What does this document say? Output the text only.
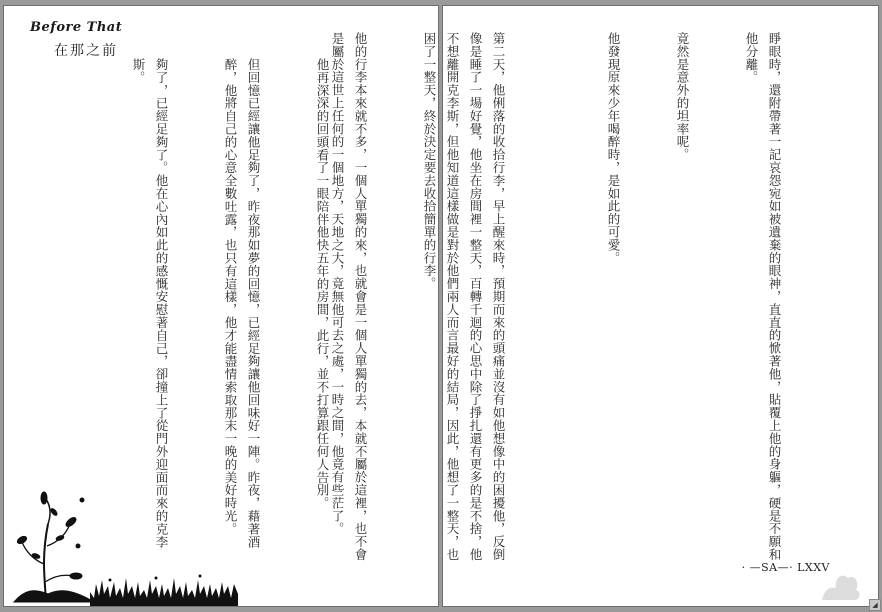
Before That
在那之前

他再深深的回頭看了一眼陪伴他快五年的房間，此行，並不打算跟任何人告別。

但回憶已經讓他足夠了，昨夜那如夢的回憶，已經足夠讓他回味好一陣。昨夜，藉著酒醉，他將自己的心意全數吐露，也只有這樣，他才能盡情索取那末一晚的美好時光。

夠了，已經足夠了。他在心內如此的感慨安慰著自己，卻撞上了從門外迎面而來的克李斯。

	睜眼時，還附帶著一記哀怨宛如被遺棄的眼神，直直的惞著他，貼覆上他的身軀，硬是不願和他分離。

竟然是意外的坦率呢。

他發現原來少年喝醉時，是如此的可愛。

第二天，他俐落的收拾行李，早上醒來時，預期而來的頭痛並沒有如他想像中的困擾他，反倒像是睡了一場好覺，他坐在房間裡一整天，百轉千迴的心思中除了掙扎還有更多的是不捨，他不想離開克李斯，但他知道這樣做是對於他們兩人而言最好的結局，因此，他想了一整天，也困了一整天，終於決定要去收拾簡單的行李。

他的行李本來就不多，一個人單獨的來，也就會是一個人單獨的去，本就不屬於這裡，也不會是屬於這世上任何的一個地方，天地之大，竟無他可去之處，一時之間，他竟有些茫了。

· —SA—· LXXV
◢
